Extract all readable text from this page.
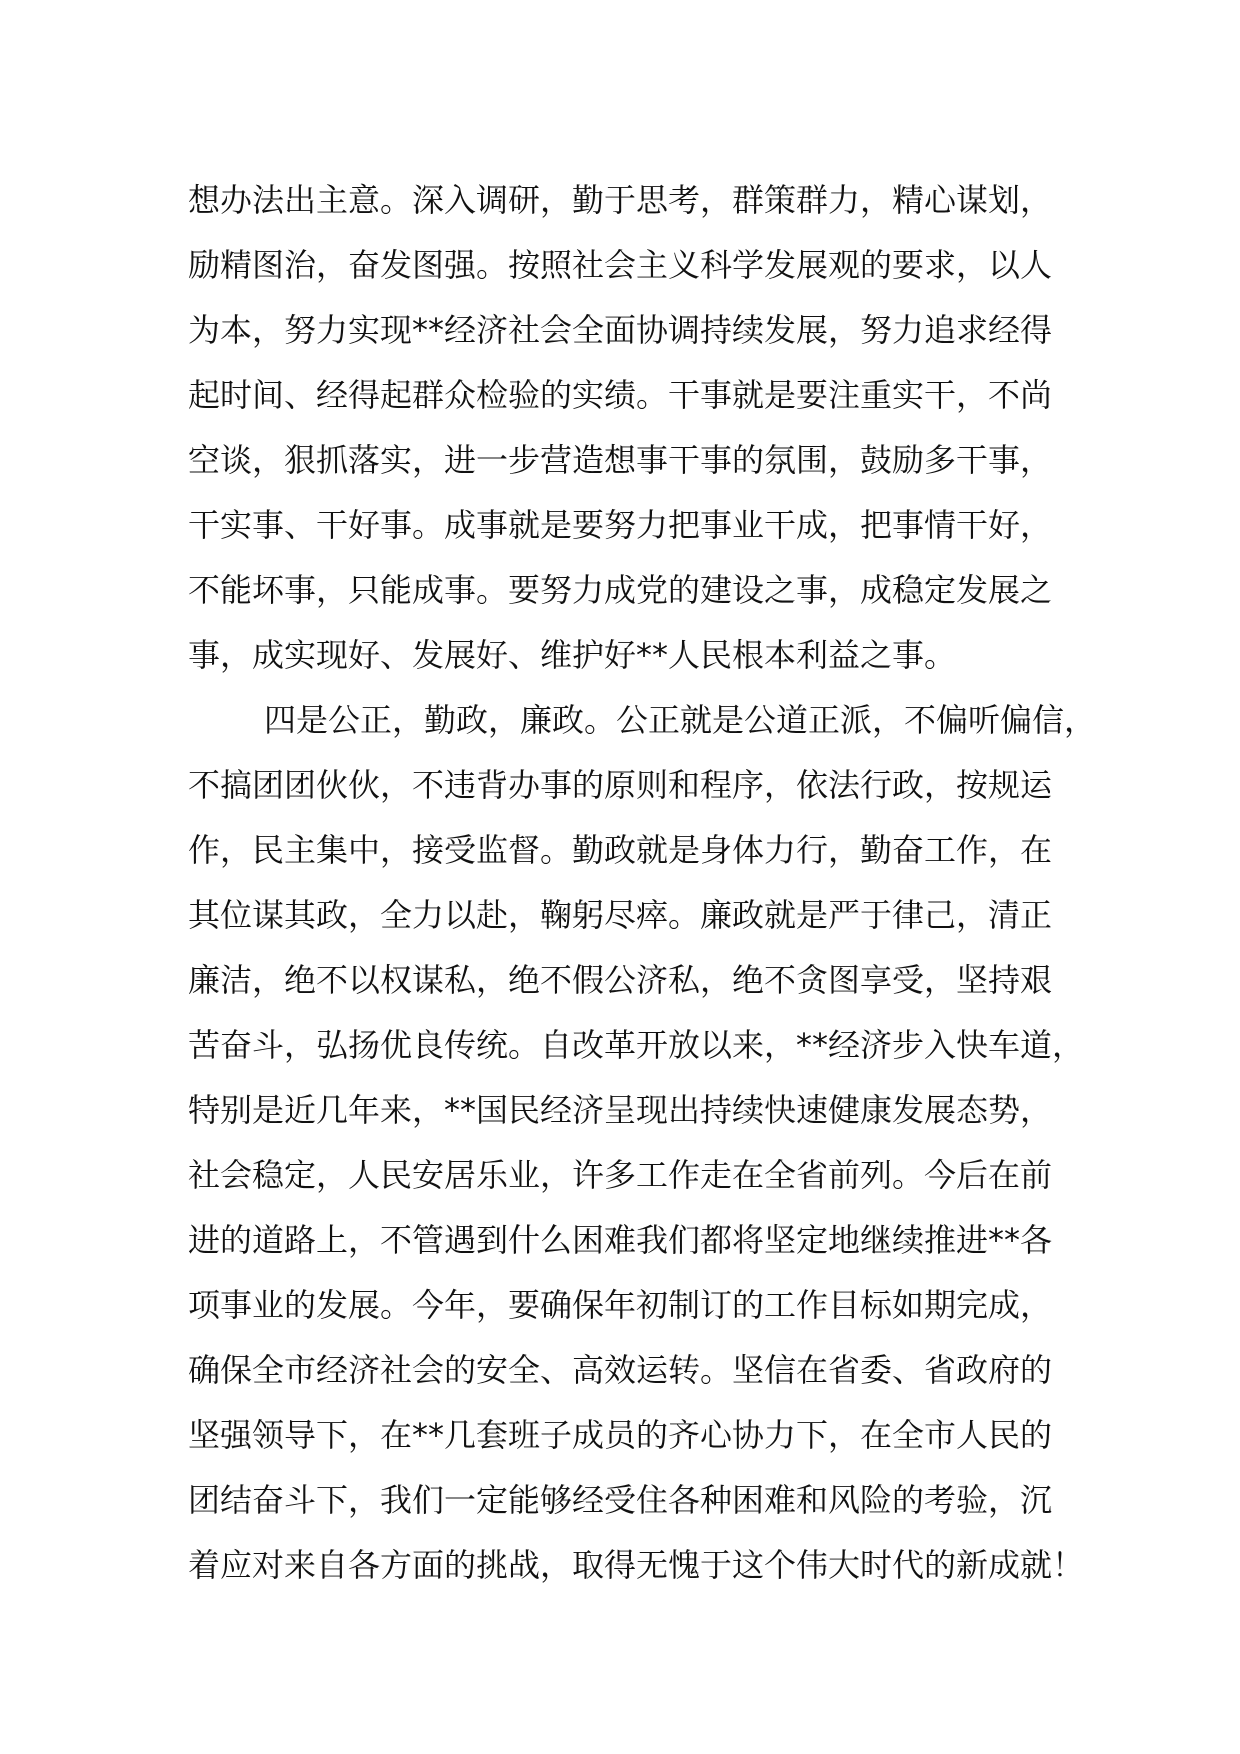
想办法出主意。深入调研，勤于思考，群策群力，精心谋划，
励精图治，奋发图强。按照社会主义科学发展观的要求，以人
为本，努力实现**经济社会全面协调持续发展，努力追求经得
起时间、经得起群众检验的实绩。干事就是要注重实干，不尚
空谈，狠抓落实，进一步营造想事干事的氛围，鼓励多干事，
干实事、干好事。成事就是要努力把事业干成，把事情干好，
不能坏事，只能成事。要努力成党的建设之事，成稳定发展之
事，成实现好、发展好、维护好**人民根本利益之事。
四是公正，勤政，廉政。公正就是公道正派，不偏听偏信，
不搞团团伙伙，不违背办事的原则和程序，依法行政，按规运
作，民主集中，接受监督。勤政就是身体力行，勤奋工作，在
其位谋其政，全力以赴，鞠躬尽瘁。廉政就是严于律己，清正
廉洁，绝不以权谋私，绝不假公济私，绝不贪图享受，坚持艰
苦奋斗，弘扬优良传统。自改革开放以来，**经济步入快车道，
特别是近几年来，**国民经济呈现出持续快速健康发展态势，
社会稳定，人民安居乐业，许多工作走在全省前列。今后在前
进的道路上，不管遇到什么困难我们都将坚定地继续推进**各
项事业的发展。今年，要确保年初制订的工作目标如期完成，
确保全市经济社会的安全、高效运转。坚信在省委、省政府的
坚强领导下，在**几套班子成员的齐心协力下，在全市人民的
团结奋斗下，我们一定能够经受住各种困难和风险的考验，沉
着应对来自各方面的挑战，取得无愧于这个伟大时代的新成就！
